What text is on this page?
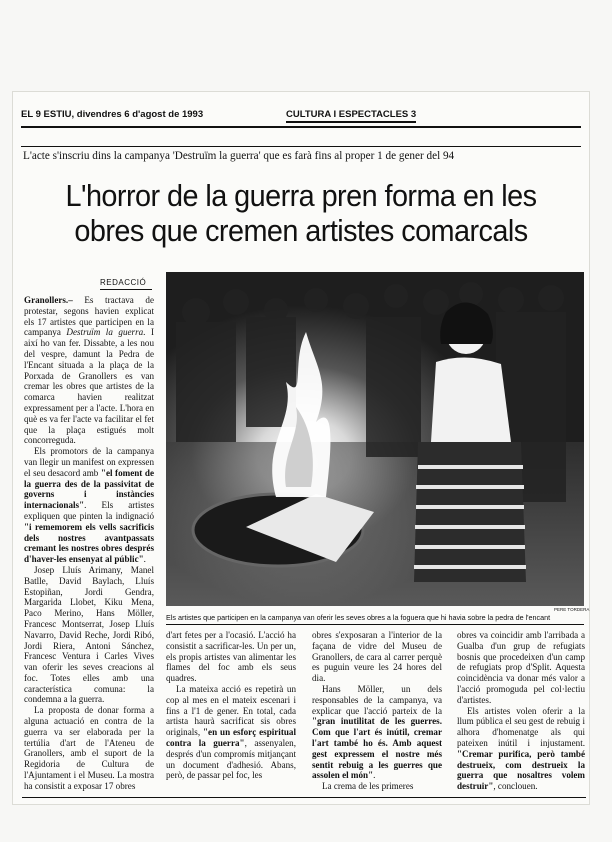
EL 9 ESTIU, divendres 6 d'agost de 1993	CULTURA I ESPECTACLES 3
L'acte s'inscriu dins la campanya 'Destruïm la guerra' que es farà fins al proper 1 de gener del 94
L'horror de la guerra pren forma en les obres que cremen artistes comarcals
REDACCIÓ
PERE TORDERA
Els artistes que participen en la campanya van oferir les seves obres a la foguera que hi havia sobre la pedra de l'encant

Granollers.– Es tractava de protestar, segons havien explicat els 17 artistes que participen en la campanya Destruïm la guerra. I així ho van fer. Dissabte, a les nou del vespre, damunt la Pedra de l'Encant situada a la plaça de la Porxada de Granollers es van cremar les obres que artistes de la comarca havien realitzat expressament per a l'acte. L'hora en què es va fer l'acte va facilitar el fet que la plaça estigués molt concorreguda.

Els promotors de la campanya van llegir un manifest on expressen el seu desacord amb "el foment de la guerra des de la passivitat de governs i instàncies internacionals". Els artistes expliquen que pinten la indignació "i rememorem els vells sacrificis dels nostres avantpassats cremant les nostres obres després d'haver-les ensenyat al públic".

Josep Lluís Arimany, Manel Batlle, David Baylach, Lluís Estopiñan, Jordi Gendra, Margarida Llobet, Kiku Mena, Paco Merino, Hans Möller, Francesc Montserrat, Josep Lluís Navarro, David Reche, Jordi Ribó, Jordi Riera, Antoni Sánchez, Francesc Ventura i Carles Vives van oferir les seves creacions al foc. Totes elles amb una característica comuna: la condemna a la guerra.

La proposta de donar forma a alguna actuació en contra de la guerra va ser elaborada per la tertúlia d'art de l'Ateneu de Granollers, amb el suport de la Regidoria de Cultura de l'Ajuntament i el Museu. La mostra ha consistit a exposar 17 obres

d'art fetes per a l'ocasió. L'acció ha consistit a sacrificar-les. Un per un, els propis artistes van alimentar les flames del foc amb els seus quadres.

La mateixa acció es repetirà un cop al mes en el mateix escenari i fins a l'1 de gener. En total, cada artista haurà sacrificat sis obres originals, "en un esforç espiritual contra la guerra", assenyalen, després d'un compromís mitjançant un document d'adhesió. Abans, però, de passar pel foc, les

obres s'exposaran a l'interior de la façana de vidre del Museu de Granollers, de cara al carrer perquè es puguin veure les 24 hores del dia.

Hans Möller, un dels responsables de la campanya, va explicar que l'acció parteix de la "gran inutilitat de les guerres. Com que l'art és inútil, cremar l'art també ho és. Amb aquest gest expressem el nostre més sentit rebuig a les guerres que assolen el món".

La crema de les primeres

obres va coincidir amb l'arribada a Gualba d'un grup de refugiats bosnis que procedeixen d'un camp de refugiats prop d'Split. Aquesta coincidència va donar més valor a l'acció promoguda pel col·lectiu d'artistes.

Els artistes volen oferir a la llum pública el seu gest de rebuig i alhora d'homenatge als qui pateixen inútil i injustament. "Cremar purifica, però també destrueix, com destrueix la guerra que nosaltres volem destruir", conclouen.
